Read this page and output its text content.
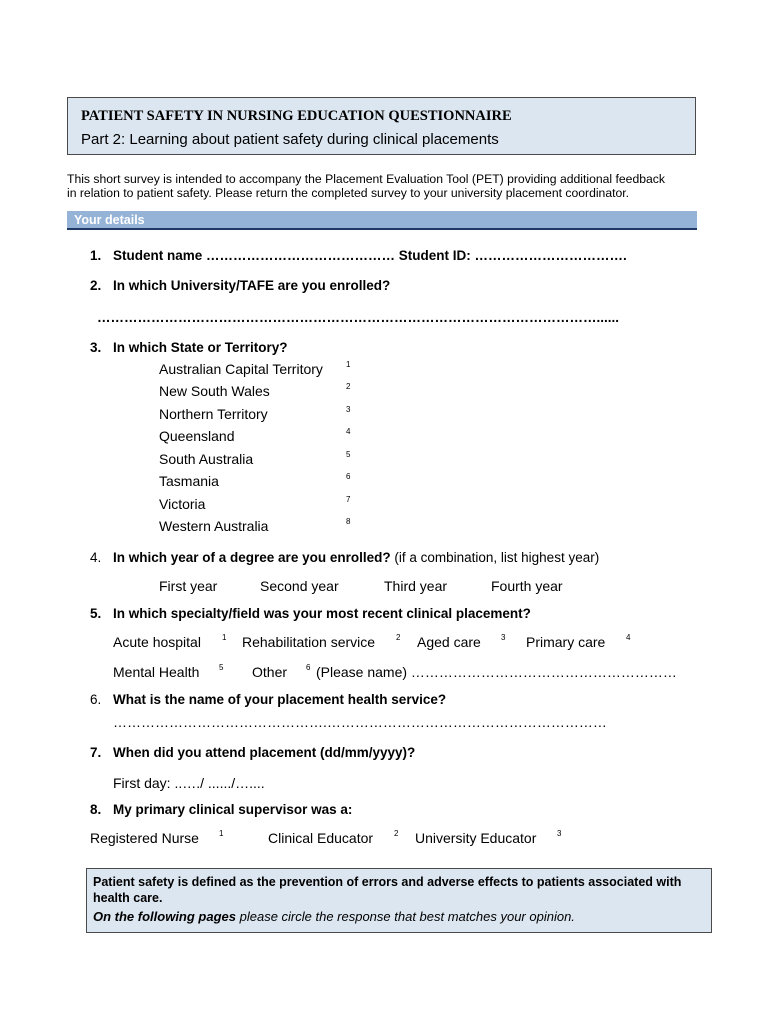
PATIENT SAFETY IN NURSING EDUCATION QUESTIONNAIRE
Part 2: Learning about patient safety during clinical placements
This short survey is intended to accompany the Placement Evaluation Tool (PET) providing additional feedback
in relation to patient safety. Please return the completed survey to your university placement coordinator.
Your details
1. Student name …………………………………… Student ID: …………………………….
2. In which University/TAFE are you enrolled?
…………………………………………………………………………………………………......
3. In which State or Territory?
Australian Capital Territory	1
New South Wales	2
Northern Territory	3
Queensland	4
South Australia	5
Tasmania	6
Victoria	7
Western Australia	8
4. In which year of a degree are you enrolled? (if a combination, list highest year)
First year	Second year	Third year	Fourth year
5. In which specialty/field was your most recent clinical placement?
Acute hospital	1 Rehabilitation service	2 Aged care	3 Primary care	4
Mental Health 5 Other 6 (Please name) …………………………………………………
6. What is the name of your placement health service?
……………………………………….……………………………………………………
7. When did you attend placement (dd/mm/yyyy)?
First day: ..…./ ....../…....
8. My primary clinical supervisor was a:
Registered Nurse	1	Clinical Educator	2 University Educator	3
Patient safety is defined as the prevention of errors and adverse effects to patients associated with health care.
On the following pages please circle the response that best matches your opinion.
